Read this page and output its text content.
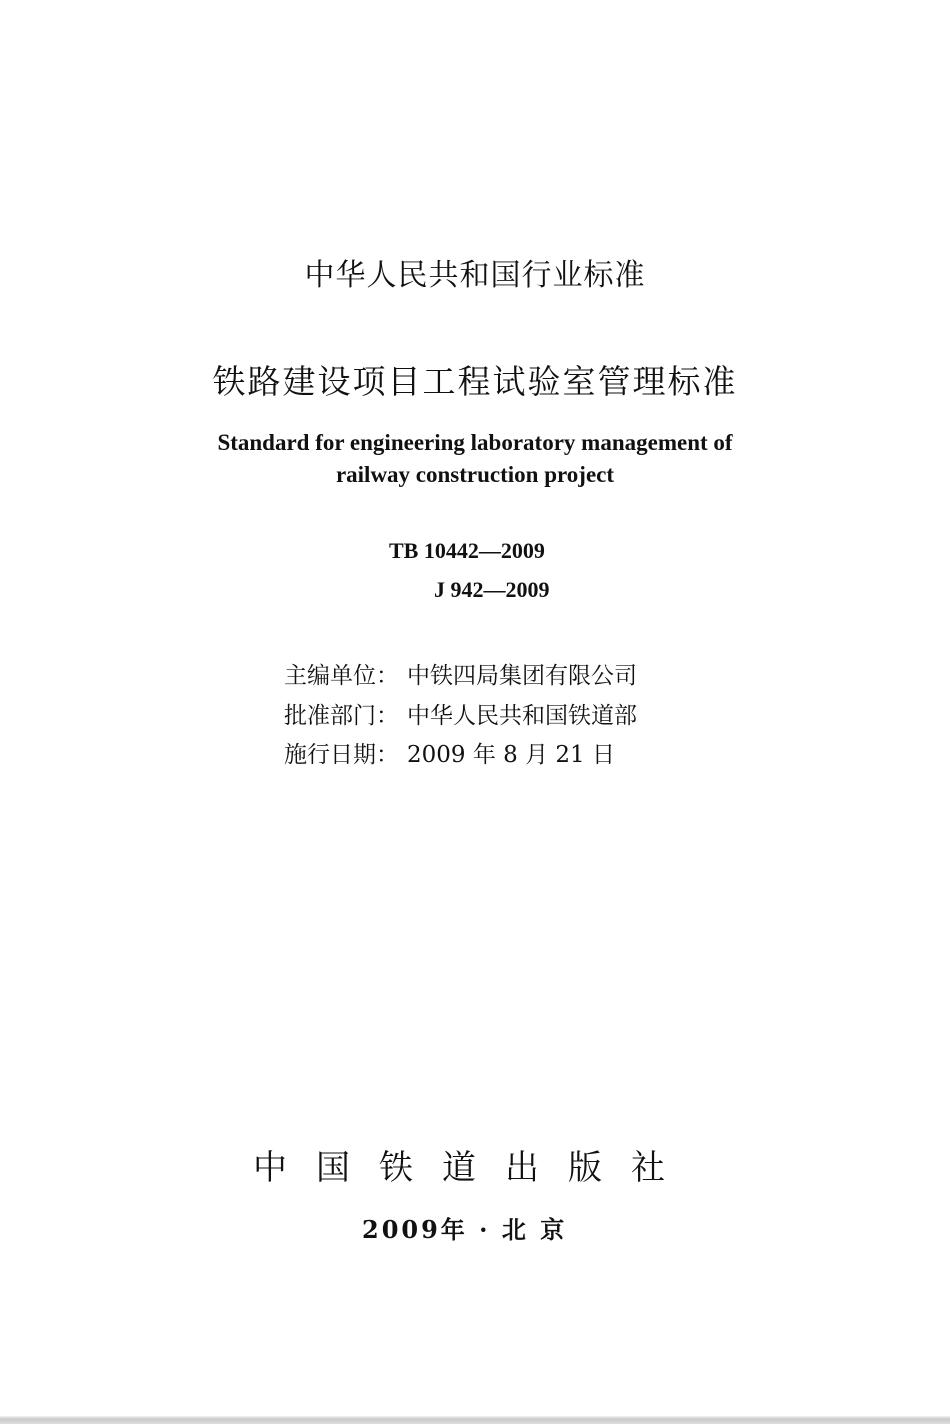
中华人民共和国行业标准
铁路建设项目工程试验室管理标准
Standard for engineering laboratory management of
railway construction project
TB 10442—2009
J 942—2009
主编单位： 中铁四局集团有限公司
批准部门： 中华人民共和国铁道部
施行日期： 2009 年 8 月 21 日
中国铁道出版社
2009年 · 北 京
